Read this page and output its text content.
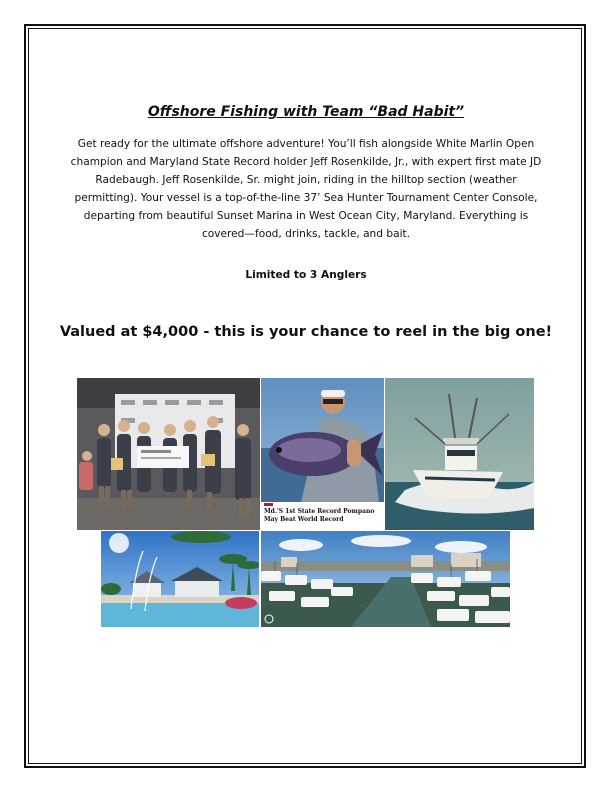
Offshore Fishing with Team “Bad Habit”
Get ready for the ultimate offshore adventure! You’ll fish alongside White Marlin Open champion and Maryland State Record holder Jeff Rosenkilde, Jr., with expert first mate JD Radebaugh. Jeff Rosenkilde, Sr. might join, riding in the hilltop section (weather permitting). Your vessel is a top-of-the-line 37’ Sea Hunter Tournament Center Console, departing from beautiful Sunset Marina in West Ocean City, Maryland. Everything is covered—food, drinks, tackle, and bait.
Limited to 3 Anglers
Valued at $4,000 - this is your chance to reel in the big one!
Md.'S 1st State Record Pompano May Beat World Record
